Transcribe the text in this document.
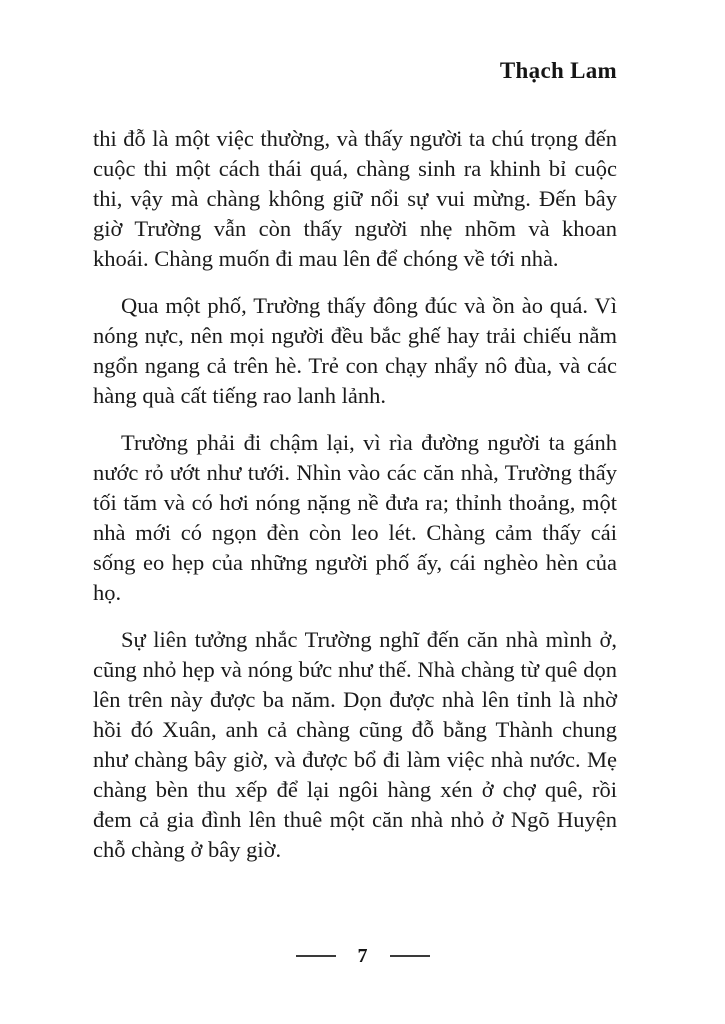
Thạch Lam

thi đỗ là một việc thường, và thấy người ta chú trọng đến cuộc thi một cách thái quá, chàng sinh ra khinh bỉ cuộc thi, vậy mà chàng không giữ nổi sự vui mừng. Đến bây giờ Trường vẫn còn thấy người nhẹ nhõm và khoan khoái. Chàng muốn đi mau lên để chóng về tới nhà.

Qua một phố, Trường thấy đông đúc và ồn ào quá. Vì nóng nực, nên mọi người đều bắc ghế hay trải chiếu nằm ngổn ngang cả trên hè. Trẻ con chạy nhẩy nô đùa, và các hàng quà cất tiếng rao lanh lảnh.

Trường phải đi chậm lại, vì rìa đường người ta gánh nước rỏ ướt như tưới. Nhìn vào các căn nhà, Trường thấy tối tăm và có hơi nóng nặng nề đưa ra; thỉnh thoảng, một nhà mới có ngọn đèn còn leo lét. Chàng cảm thấy cái sống eo hẹp của những người phố ấy, cái nghèo hèn của họ.

Sự liên tưởng nhắc Trường nghĩ đến căn nhà mình ở, cũng nhỏ hẹp và nóng bức như thế. Nhà chàng từ quê dọn lên trên này được ba năm. Dọn được nhà lên tỉnh là nhờ hồi đó Xuân, anh cả chàng cũng đỗ bằng Thành chung như chàng bây giờ, và được bổ đi làm việc nhà nước. Mẹ chàng bèn thu xếp để lại ngôi hàng xén ở chợ quê, rồi đem cả gia đình lên thuê một căn nhà nhỏ ở Ngõ Huyện chỗ chàng ở bây giờ.

7
